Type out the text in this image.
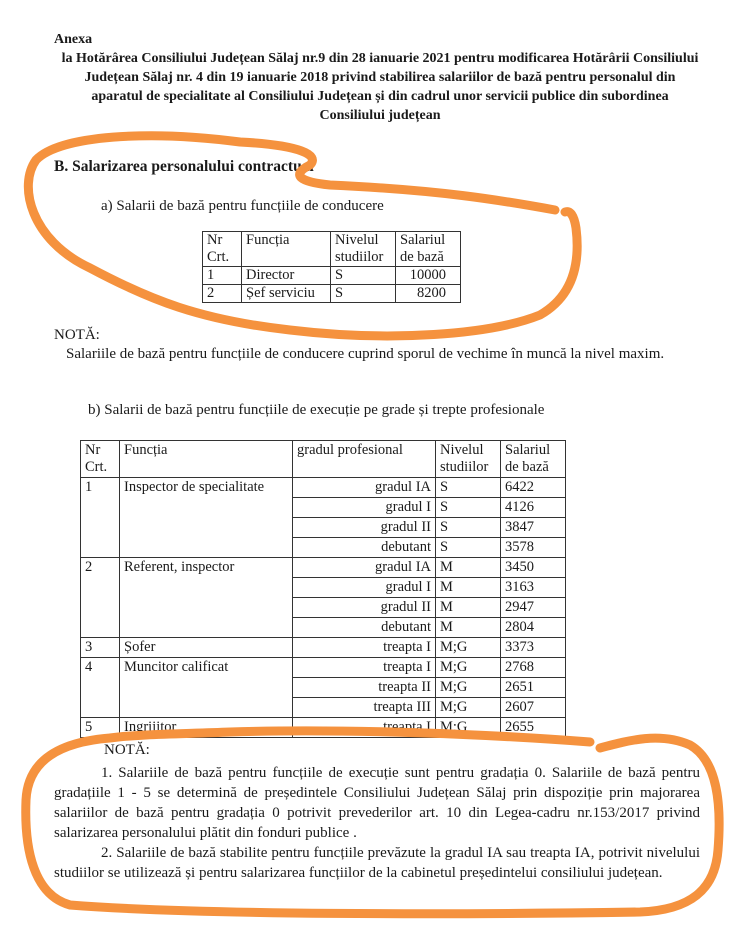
Anexa
la Hotărârea Consiliului Județean Sălaj nr.9 din 28 ianuarie 2021 pentru modificarea Hotărârii Consiliului Județean Sălaj nr. 4 din 19 ianuarie 2018 privind stabilirea salariilor de bază pentru personalul din aparatul de specialitate al Consiliului Județean și din cadrul unor servicii publice din subordinea Consiliului județean
B. Salarizarea personalului contractual
a) Salarii de bază pentru funcțiile de conducere
Nr Crt.	Funcția	Nivelul studiilor	Salariul de bază
1	Director	S	10000
2	Șef serviciu	S	8200
NOTĂ:
Salariile de bază pentru funcțiile de conducere cuprind sporul de vechime în muncă la nivel maxim.
b) Salarii de bază pentru funcțiile de execuție pe grade și trepte profesionale
Nr Crt.	Funcția	gradul profesional	Nivelul studiilor	Salariul de bază
1	Inspector de specialitate	gradul IA	S	6422
		gradul I	S	4126
		gradul II	S	3847
		debutant	S	3578
2	Referent, inspector	gradul IA	M	3450
		gradul I	M	3163
		gradul II	M	2947
		debutant	M	2804
3	Șofer	treapta I	M;G	3373
4	Muncitor calificat	treapta I	M;G	2768
		treapta II	M;G	2651
		treapta III	M;G	2607
5	Ingrijitor	treapta I	M;G	2655
NOTĂ:

1. Salariile de bază pentru funcțiile de execuție sunt pentru gradația 0. Salariile de bază pentru gradațiile 1 - 5 se determină de președintele Consiliului Județean Sălaj prin dispoziție prin majorarea salariilor de bază pentru gradația 0 potrivit prevederilor art. 10 din Legea-cadru nr.153/2017 privind salarizarea personalului plătit din fonduri publice .

2. Salariile de bază stabilite pentru funcțiile prevăzute la gradul IA sau treapta IA, potrivit nivelului studiilor se utilizează și pentru salarizarea funcțiilor de la cabinetul președintelui consiliului județean.
